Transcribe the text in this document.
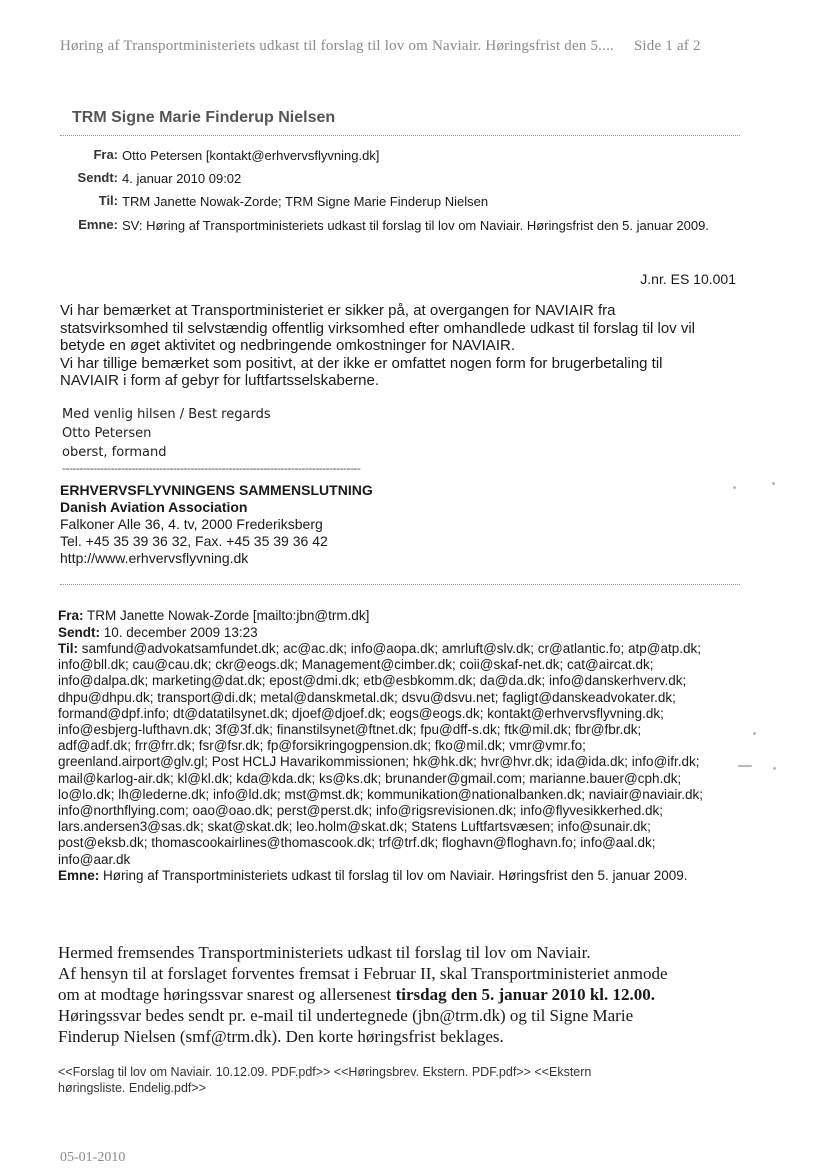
Høring af Transportministeriets udkast til forslag til lov om Naviair. Høringsfrist den 5.... Side 1 af 2
TRM Signe Marie Finderup Nielsen
Fra: Otto Petersen [kontakt@erhvervsflyvning.dk]
Sendt: 4. januar 2010 09:02
Til: TRM Janette Nowak-Zorde; TRM Signe Marie Finderup Nielsen
Emne: SV: Høring af Transportministeriets udkast til forslag til lov om Naviair. Høringsfrist den 5. januar 2009.
J.nr. ES 10.001
Vi har bemærket at Transportministeriet er sikker på, at overgangen for NAVIAIR fra
statsvirksomhed til selvstændig offentlig virksomhed efter omhandlede udkast til forslag til lov vil
betyde en øget aktivitet og nedbringende omkostninger for NAVIAIR.
Vi har tillige bemærket som positivt, at der ikke er omfattet nogen form for brugerbetaling til
NAVIAIR i form af gebyr for luftfartsselskaberne.
Med venlig hilsen / Best regards
Otto Petersen
oberst, formand
--------------------------------------------------------------------------------------
ERHVERVSFLYVNINGENS SAMMENSLUTNING
Danish Aviation Association
Falkoner Alle 36, 4. tv, 2000 Frederiksberg
Tel. +45 35 39 36 32, Fax. +45 35 39 36 42
http://www.erhvervsflyvning.dk
Fra: TRM Janette Nowak-Zorde [mailto:jbn@trm.dk]
Sendt: 10. december 2009 13:23
Til: samfund@advokatsamfundet.dk; ac@ac.dk; info@aopa.dk; amrluft@slv.dk; cr@atlantic.fo; atp@atp.dk;
info@bll.dk; cau@cau.dk; ckr@eogs.dk; Management@cimber.dk; coii@skaf-net.dk; cat@aircat.dk;
info@dalpa.dk; marketing@dat.dk; epost@dmi.dk; etb@esbkomm.dk; da@da.dk; info@danskerhverv.dk;
dhpu@dhpu.dk; transport@di.dk; metal@danskmetal.dk; dsvu@dsvu.net; fagligt@danskeadvokater.dk;
formand@dpf.info; dt@datatilsynet.dk; djoef@djoef.dk; eogs@eogs.dk; kontakt@erhvervsflyvning.dk;
info@esbjerg-lufthavn.dk; 3f@3f.dk; finanstilsynet@ftnet.dk; fpu@dff-s.dk; ftk@mil.dk; fbr@fbr.dk;
adf@adf.dk; frr@frr.dk; fsr@fsr.dk; fp@forsikringogpension.dk; fko@mil.dk; vmr@vmr.fo;
greenland.airport@glv.gl; Post HCLJ Havarikommissionen; hk@hk.dk; hvr@hvr.dk; ida@ida.dk; info@ifr.dk;
mail@karlog-air.dk; kl@kl.dk; kda@kda.dk; ks@ks.dk; brunander@gmail.com; marianne.bauer@cph.dk;
lo@lo.dk; lh@lederne.dk; info@ld.dk; mst@mst.dk; kommunikation@nationalbanken.dk; naviair@naviair.dk;
info@northflying.com; oao@oao.dk; perst@perst.dk; info@rigsrevisionen.dk; info@flyvesikkerhed.dk;
lars.andersen3@sas.dk; skat@skat.dk; leo.holm@skat.dk; Statens Luftfartsvæsen; info@sunair.dk;
post@eksb.dk; thomascookairlines@thomascook.dk; trf@trf.dk; floghavn@floghavn.fo; info@aal.dk;
info@aar.dk
Emne: Høring af Transportministeriets udkast til forslag til lov om Naviair. Høringsfrist den 5. januar 2009.
Hermed fremsendes Transportministeriets udkast til forslag til lov om Naviair.
Af hensyn til at forslaget forventes fremsat i Februar II, skal Transportministeriet anmode
om at modtage høringssvar snarest og allersenest tirsdag den 5. januar 2010 kl. 12.00.
Høringssvar bedes sendt pr. e-mail til undertegnede (jbn@trm.dk) og til Signe Marie
Finderup Nielsen (smf@trm.dk). Den korte høringsfrist beklages.
<<Forslag til lov om Naviair. 10.12.09. PDF.pdf>> <<Høringsbrev. Ekstern. PDF.pdf>> <<Ekstern
høringsliste. Endelig.pdf>>
05-01-2010
